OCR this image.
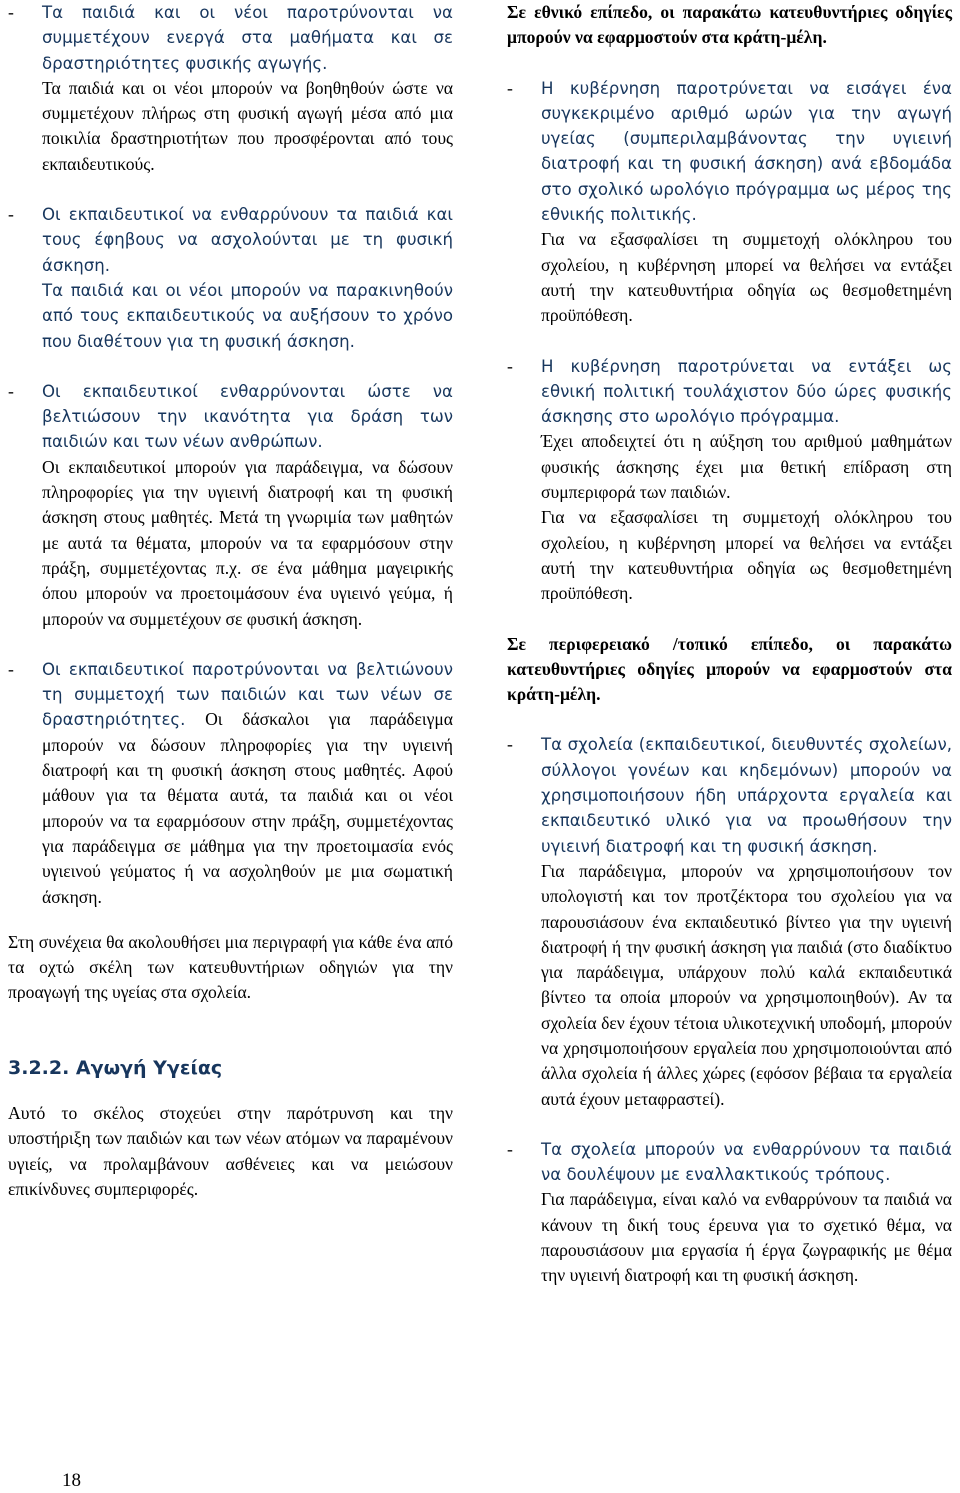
- Τα παιδιά και οι νέοι παροτρύνονται να συμμετέχουν ενεργά στα μαθήματα και σε δραστηριότητες φυσικής αγωγής.

Τα παιδιά και οι νέοι μπορούν να βοηθηθούν ώστε να συμμετέχουν πλήρως στη φυσική αγωγή μέσα από μια ποικιλία δραστηριοτήτων που προσφέρονται από τους εκπαιδευτικούς.

- Οι εκπαιδευτικοί να ενθαρρύνουν τα παιδιά και τους έφηβους να ασχολούνται με τη φυσική άσκηση.

Τα παιδιά και οι νέοι μπορούν να παρακινηθούν από τους εκπαιδευτικούς να αυξήσουν το χρόνο που διαθέτουν για τη φυσική άσκηση.

- Οι εκπαιδευτικοί ενθαρρύνονται ώστε να βελτιώσουν την ικανότητα για δράση των παιδιών και των νέων ανθρώπων.

Οι εκπαιδευτικοί μπορούν για παράδειγμα, να δώσουν πληροφορίες για την υγιεινή διατροφή και τη φυσική άσκηση στους μαθητές. Μετά τη γνωριμία των μαθητών με αυτά τα θέματα, μπορούν να τα εφαρμόσουν στην πράξη, συμμετέχοντας π.χ. σε ένα μάθημα μαγειρικής όπου μπορούν να προετοιμάσουν ένα υγιεινό γεύμα, ή μπορούν να συμμετέχουν σε φυσική άσκηση.

- Οι εκπαιδευτικοί παροτρύνονται να βελτιώνουν τη συμμετοχή των παιδιών και των νέων σε δραστηριότητες. Οι δάσκαλοι για παράδειγμα μπορούν να δώσουν πληροφορίες για την υγιεινή διατροφή και τη φυσική άσκηση στους μαθητές. Αφού μάθουν για τα θέματα αυτά, τα παιδιά και οι νέοι μπορούν να τα εφαρμόσουν στην πράξη, συμμετέχοντας για παράδειγμα σε μάθημα για την προετοιμασία ενός υγιεινού γεύματος ή να ασχοληθούν με μια σωματική άσκηση.

Στη συνέχεια θα ακολουθήσει μια περιγραφή για κάθε ένα από τα οχτώ σκέλη των κατευθυντήριων οδηγιών για την προαγωγή της υγείας στα σχολεία.

3.2.2. Αγωγή Υγείας

Αυτό το σκέλος στοχεύει στην παρότρυνση και την υποστήριξη των παιδιών και των νέων ατόμων να παραμένουν υγιείς, να προλαμβάνουν ασθένειες και να μειώσουν επικίνδυνες συμπεριφορές.

Σε εθνικό επίπεδο, οι παρακάτω κατευθυντήριες οδηγίες μπορούν να εφαρμοστούν στα κράτη-μέλη.

- Η κυβέρνηση παροτρύνεται να εισάγει ένα συγκεκριμένο αριθμό ωρών για την αγωγή υγείας (συμπεριλαμβάνοντας την υγιεινή διατροφή και τη φυσική άσκηση) ανά εβδομάδα στο σχολικό ωρολόγιο πρόγραμμα ως μέρος της εθνικής πολιτικής.

Για να εξασφαλίσει τη συμμετοχή ολόκληρου του σχολείου, η κυβέρνηση μπορεί να θελήσει να εντάξει αυτή την κατευθυντήρια οδηγία ως θεσμοθετημένη προϋπόθεση.

- Η κυβέρνηση παροτρύνεται να εντάξει ως εθνική πολιτική τουλάχιστον δύο ώρες φυσικής άσκησης στο ωρολόγιο πρόγραμμα.

Έχει αποδειχτεί ότι η αύξηση του αριθμού μαθημάτων φυσικής άσκησης έχει μια θετική επίδραση στη συμπεριφορά των παιδιών.

Για να εξασφαλίσει τη συμμετοχή ολόκληρου του σχολείου, η κυβέρνηση μπορεί να θελήσει να εντάξει αυτή την κατευθυντήρια οδηγία ως θεσμοθετημένη προϋπόθεση.

Σε περιφερειακό /τοπικό επίπεδο, οι παρακάτω κατευθυντήριες οδηγίες μπορούν να εφαρμοστούν στα κράτη-μέλη.

- Τα σχολεία (εκπαιδευτικοί, διευθυντές σχολείων, σύλλογοι γονέων και κηδεμόνων) μπορούν να χρησιμοποιήσουν ήδη υπάρχοντα εργαλεία και εκπαιδευτικό υλικό για να προωθήσουν την υγιεινή διατροφή και τη φυσική άσκηση.

Για παράδειγμα, μπορούν να χρησιμοποιήσουν τον υπολογιστή και τον προτζέκτορα του σχολείου για να παρουσιάσουν ένα εκπαιδευτικό βίντεο για την υγιεινή διατροφή ή την φυσική άσκηση για παιδιά (στο διαδίκτυο για παράδειγμα, υπάρχουν πολύ καλά εκπαιδευτικά βίντεο τα οποία μπορούν να χρησιμοποιηθούν). Αν τα σχολεία δεν έχουν τέτοια υλικοτεχνική υποδομή, μπορούν να χρησιμοποιήσουν εργαλεία που χρησιμοποιούνται από άλλα σχολεία ή άλλες χώρες (εφόσον βέβαια τα εργαλεία αυτά έχουν μεταφραστεί).

- Τα σχολεία μπορούν να ενθαρρύνουν τα παιδιά να δουλέψουν με εναλλακτικούς τρόπους.

Για παράδειγμα, είναι καλό να ενθαρρύνουν τα παιδιά να κάνουν τη δική τους έρευνα για το σχετικό θέμα, να παρουσιάσουν μια εργασία ή έργα ζωγραφικής με θέμα την υγιεινή διατροφή και τη φυσική άσκηση.

18
